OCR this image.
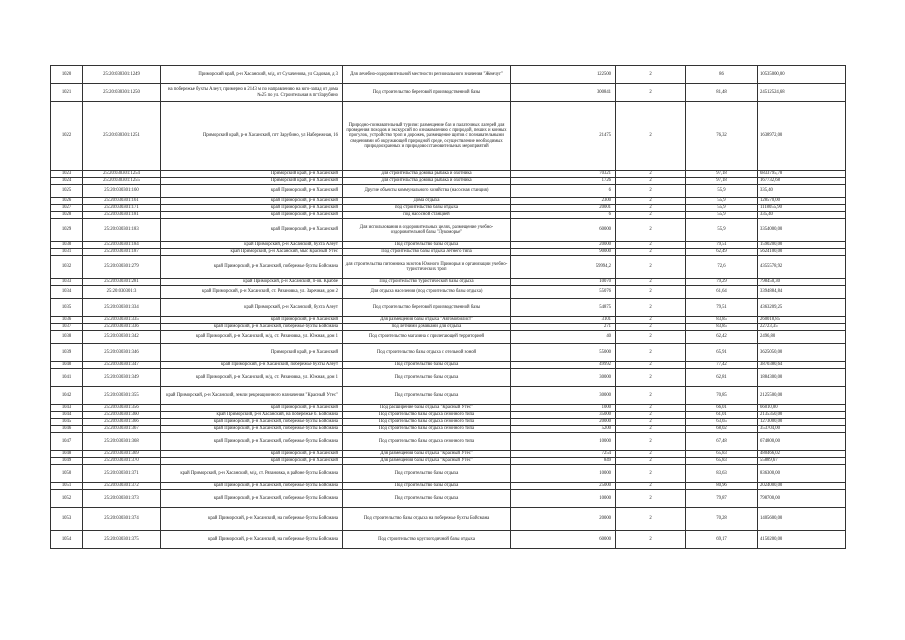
1020	25:20:030301:1249	Приморский край, р-н Хасанский, м/д, от Сухаченова, ул Садовая, д 3	Для лечебно-оздоровительной местности регионального значения "Жемчуг"	122500	2	86	10535000,00
1021	25:20:030301:1250	на побережье бухты Алеут, примерно в 2143 м по направлению на юго-запад от дома №25 по ул. Строительная в пгтЗарубино	Под строительство береговой производственной базы	300841	2	81,48	24512524,68
1022	25:20:030301:1251	Приморский край, р-н Хасанский, пгт Зарубино, ул Набережная, 16	Природно-познавательный туризм: размещение баз и палаточных лагерей для проведения походов и экскурсий по ознакомлению с природой, пеших и конных прогулок, устройство троп и дорожек, размещение щитов с познавательными сведениями об окружающей природной среде, осуществление необходимых природоохранных и природовосстановительных мероприятий	21475	2	76,32	1638972,00
1023	25:20:030301:1254	Приморский край, р-н Хасанский	для строительства домика рыбака и охотника	70321	2	97,18	6833795,78
1024	25:20:030301:1255	Приморский край, р-н Хасанский	для строительства домика рыбака и охотника	1726	2	97,18	167732,68
1025	25:20:030301:160	край Приморский, р-н Хасанский	Другие объекты коммунального хозяйства (насосная станция)	6	2	55,9	335,40
1026	25:20:030301:161	край Приморский, р-н Хасанский	Дома отдыха	2300	2	55,9	128570,00
1027	25:20:030301:171	край Приморский, р-н Хасанский	под строительство базы отдыха	20001	2	55,9	1118055,90
1028	25:20:030301:181	край Приморский, р-н Хасанский	под насосной станцией	6	2	55,9	335,40
1029	25:20:030301:183	край Приморский, р-н Хасанский	Для использования в оздоровительных целях, размещение учебно-оздоровительной базы "Лукоморье"	60000	2	55,9	3354000,00
1030	25:20:030301:184	край Приморский, р-н Хасанский, бухта Алеут	Под строительство базы отдыха	20000	2	79,51	1590200,00
1031	25:20:030301:187	край Приморский, р-н Хасанский, мыс Красный Утес	Под строительство базы отдыха летнего типа	90000	2	62,49	5624100,00
1032	25:20:030301:279	край Приморский, р-н Хасанский, побережье бухты Бойсмана	для строительства питомника экзотов Южного Приморья и организации учебно-туристических троп	59994,2	2	72,6	4355578,92
1033	25:20:030301:281	край Приморский, р-н Хасанский, п-ов. Краббе	Под строительство туристической базы отдыха	10070	2	79,29	798450,30
1034	25:20:030301:3	край Приморский, р-н Хасанский, ст. Рязановка, ул. Заречная, дом 2	Для отдыха населения (под строительство базы отдыха)	55076	2	61,64	3394884,84
1035	25:20:030301:334	край Приморский, р-н Хасанский, бухта Алеут	Под строительство береговой производственной базы	54875	2	79,51	4363209,25
1036	25:20:030301:335	край Приморский, р-н Хасанский	Для размещения базы отдыха "Автомобилист"	3101	2	83,85	260018,85
1037	25:20:030301:336	край Приморский, р-н Хасанский, побережье бухты Бойсмана	под летними домиками для отдыха	271	2	83,85	22723,35
1038	25:20:030301:342	край Приморский, р-н Хасанский, м/д, ст. Рязановка, ул. Южная, дом 1	Под строительство магазина с прилегающей территорией	40	2	62,42	2496,80
1039	25:20:030301:346	Приморский край, р-н Хасанский	Под строительство базы отдыха с отельной зоной	55000	2	65,91	3625050,00
1040	25:20:030301:347	край Приморский, р-н Хасанский, побережье бухты Алеут	Под строительство базы отдыха	49992	2	77,42	3870380,64
1041	25:20:030301:349	край Приморский, р-н Хасанский, м/д, ст. Рязановка, ул. Южная, дом 1	Под строительство базы отдыха	30000	2	62,81	1884300,00
1042	25:20:030301:355	край Приморский, р-н Хасанский, земли рекреационного назначения "Красный Утес"	Под строительство базы отдыха	30000	2	70,85	2125500,00
1043	25:20:030301:356	край Приморский, р-н Хасанский	Под расширение базы отдыха "Красный Утес"	1000	2	66,01	66010,00
1044	25:20:030301:360	край Приморский, р-н Хасанский, на побережье б. Бойсмана	Под строительство базы отдыха сезонного типа	35000	2	61,01	2135350,00
1045	25:20:030301:366	край Приморский, р-н Хасанский, побережье бухты Бойсмана	Под строительство базы отдыха сезонного типа	20000	2	63,65	1273000,00
1046	25:20:030301:367	край Приморский, р-н Хасанский, побережье бухты Бойсмана	Под строительство базы отдыха сезонного типа	5200	2	68,02	353704,00
1047	25:20:030301:368	край Приморский, р-н Хасанский, побережье бухты Бойсмана	Под строительство базы отдыха сезонного типа	10000	2	67,48	674800,00
1048	25:20:030301:369	край Приморский, р-н Хасанский	Для размещения базы отдыха "Красный Утес"	7254	2	65,83	480466,02
1049	25:20:030301:370	край Приморский, р-н Хасанский	Для размещения базы отдыха "Красный Утес"	849	2	65,83	55889,67
1050	25:20:030301:371	край Приморский, р-н Хасанский, м/д, ст. Рязановка, в районе бухты Бойсмана	Под строительство базы отдыха	10000	2	83,63	836300,00
1051	25:20:030301:372	край Приморский, р-н Хасанский, побережье бухты Бойсмана	Под строительство базы отдыха	25000	2	80,96	2024000,00
1052	25:20:030301:373	край Приморский, р-н Хасанский, побережье бухты Бойсмана	Под строительство базы отдыха	10000	2	79,87	798700,00
1053	25:20:030301:374	край Приморский, р-н Хасанский, на побережье бухты Бойсмана	Под строительство базы отдыха на побережье бухты Бойсмана	20000	2	70,28	1405600,00
1054	25:20:030301:375	край Приморский, р-н Хасанский, на побережье бухты Бойсмана	Под строительство круглогодичной базы отдыха	60000	2	69,17	4150200,00
